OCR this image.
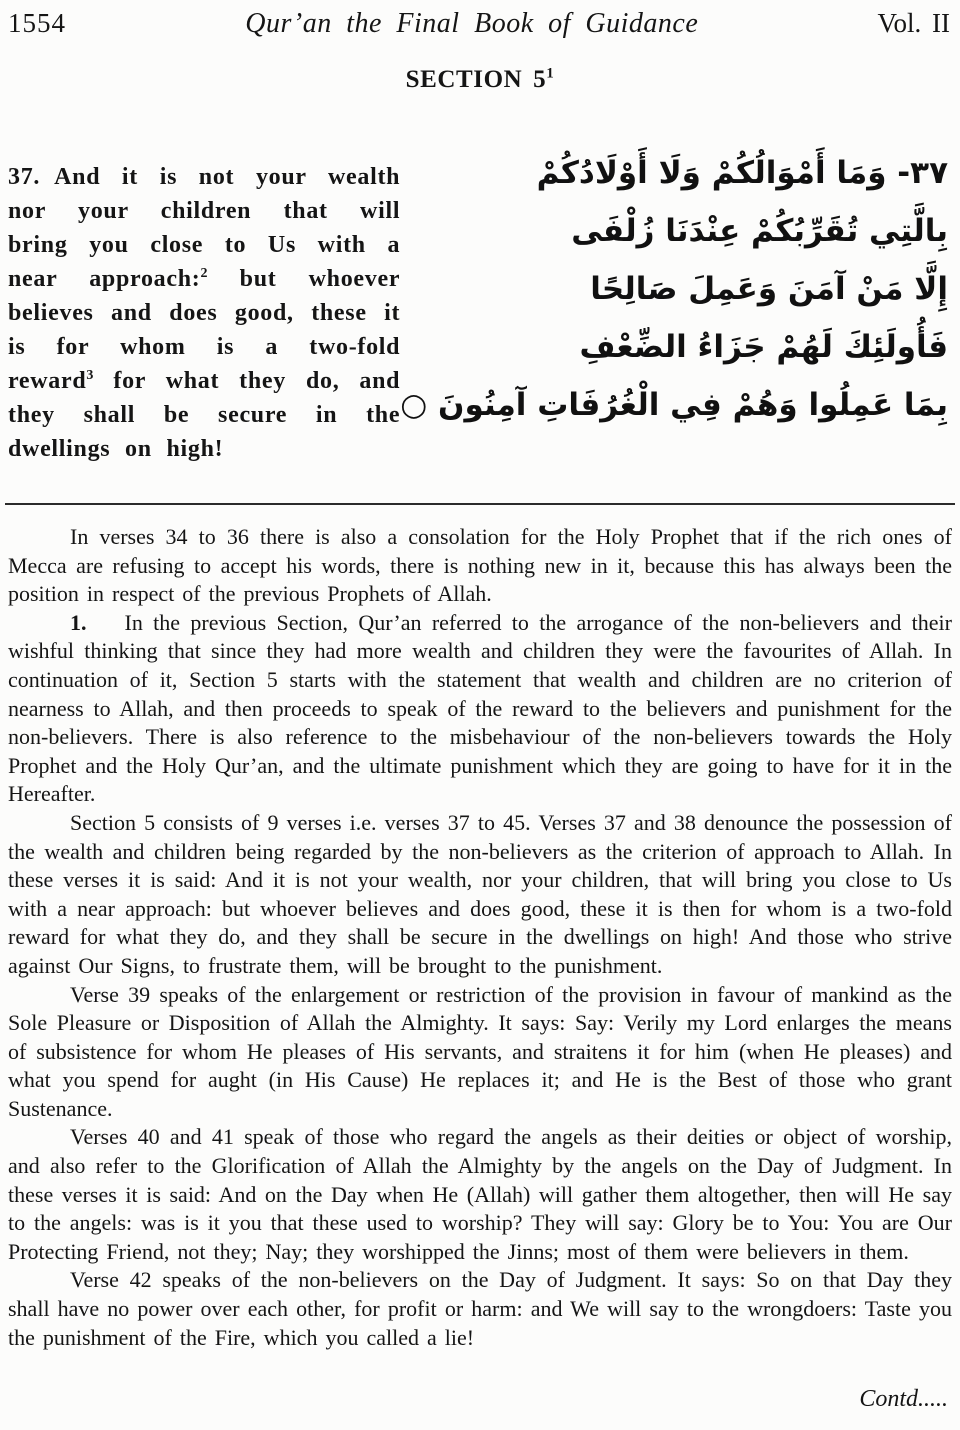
1554	Qur’an the Final Book of Guidance	Vol. II
SECTION $5^1$

37. And it is not your wealth nor your children that will bring you close to Us with a near approach:$^2$ but whoever believes and does good, these it is for whom is a two-fold reward$^3$ for what they do, and they shall be secure in the dwellings on high!

٣٧- وَمَا أَمْوَالُكُمْ وَلَا أَوْلَادُكُمْ
بِالَّتِي تُقَرِّبُكُمْ عِنْدَنَا زُلْفَى
إِلَّا مَنْ آمَنَ وَعَمِلَ صَالِحًا
فَأُولَئِكَ لَهُمْ جَزَاءُ الضِّعْفِ
بِمَا عَمِلُوا وَهُمْ فِي الْغُرُفَاتِ آمِنُونَ ○

In verses 34 to 36 there is also a consolation for the Holy Prophet that if the rich ones of Mecca are refusing to accept his words, there is nothing new in it, because this has always been the position in respect of the previous Prophets of Allah.

1. In the previous Section, Qur’an referred to the arrogance of the non-believers and their wishful thinking that since they had more wealth and children they were the favourites of Allah. In continuation of it, Section 5 starts with the statement that wealth and children are no criterion of nearness to Allah, and then proceeds to speak of the reward to the believers and punishment for the non-believers. There is also reference to the misbehaviour of the non-believers towards the Holy Prophet and the Holy Qur’an, and the ultimate punishment which they are going to have for it in the Hereafter.

Section 5 consists of 9 verses i.e. verses 37 to 45. Verses 37 and 38 denounce the possession of the wealth and children being regarded by the non-believers as the criterion of approach to Allah. In these verses it is said: And it is not your wealth, nor your children, that will bring you close to Us with a near approach: but whoever believes and does good, these it is then for whom is a two-fold reward for what they do, and they shall be secure in the dwellings on high! And those who strive against Our Signs, to frustrate them, will be brought to the punishment.

Verse 39 speaks of the enlargement or restriction of the provision in favour of mankind as the Sole Pleasure or Disposition of Allah the Almighty. It says: Say: Verily my Lord enlarges the means of subsistence for whom He pleases of His servants, and straitens it for him (when He pleases) and what you spend for aught (in His Cause) He replaces it; and He is the Best of those who grant Sustenance.

Verses 40 and 41 speak of those who regard the angels as their deities or object of worship, and also refer to the Glorification of Allah the Almighty by the angels on the Day of Judgment. In these verses it is said: And on the Day when He (Allah) will gather them altogether, then will He say to the angels: was is it you that these used to worship? They will say: Glory be to You: You are Our Protecting Friend, not they; Nay; they worshipped the Jinns; most of them were believers in them.

Verse 42 speaks of the non-believers on the Day of Judgment. It says: So on that Day they shall have no power over each other, for profit or harm: and We will say to the wrongdoers: Taste you the punishment of the Fire, which you called a lie!

Contd.....
